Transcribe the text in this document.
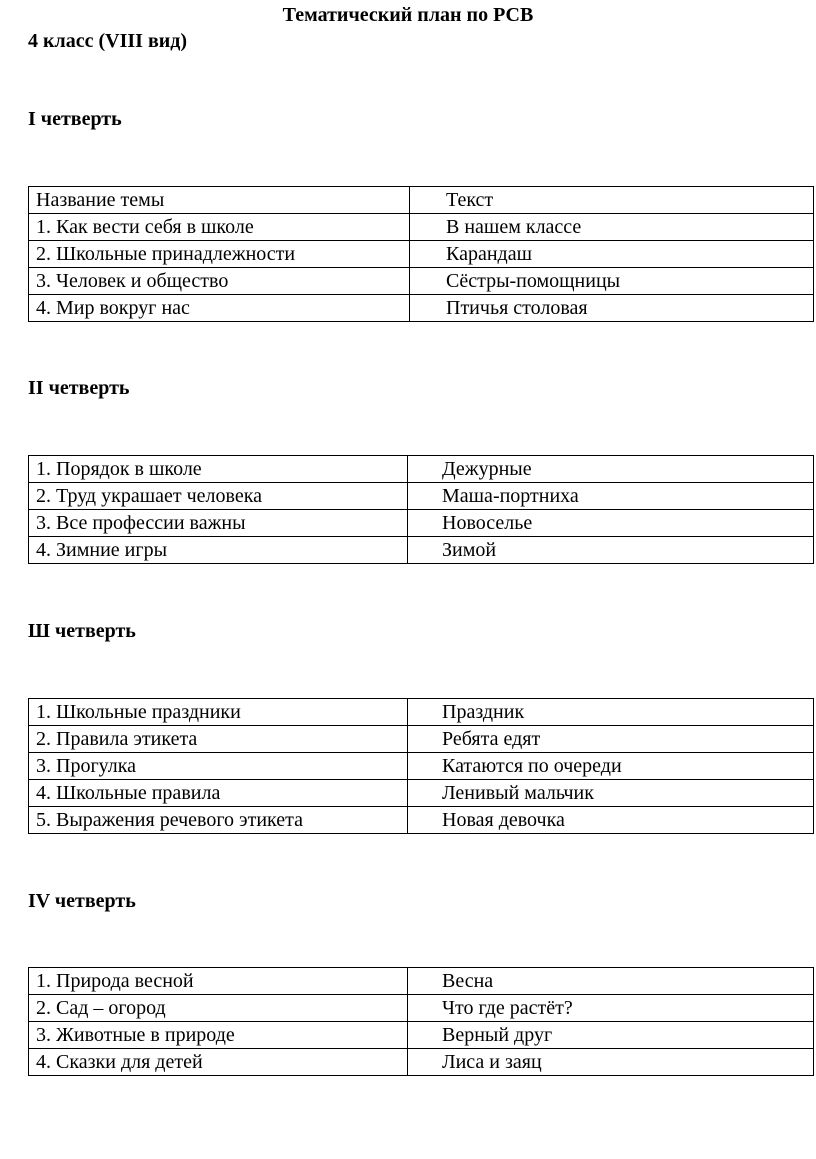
Тематический план по РСВ

4 класс (VIII вид)

I четверть

Название темы	Текст
1. Как вести себя в школе	В нашем классе
2. Школьные принадлежности	Карандаш
3. Человек и общество	Сёстры-помощницы
4. Мир вокруг нас	Птичья столовая

II четверть

1. Порядок в школе	Дежурные
2. Труд украшает человека	Маша-портниха
3. Все профессии важны	Новоселье
4. Зимние игры	Зимой

Ш четверть

1. Школьные праздники	Праздник
2. Правила этикета	Ребята едят
3. Прогулка	Катаются по очереди
4. Школьные правила	Ленивый мальчик
5. Выражения речевого этикета	Новая девочка

IV четверть

1. Природа весной	Весна
2. Сад – огород	Что где растёт?
3. Животные в природе	Верный друг
4. Сказки для детей	Лиса и заяц
